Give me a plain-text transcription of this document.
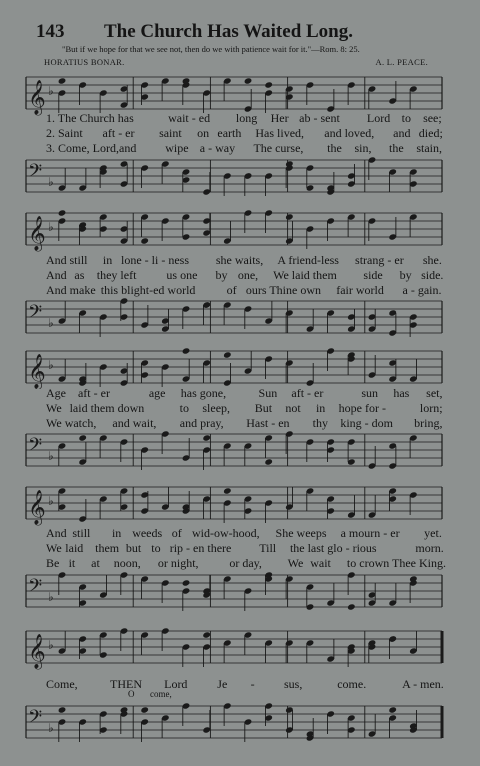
143 The Church Has Waited Long.
"But if we hope for that we see not, then do we with patience wait for it."—Rom. 8: 25.
HORATIUS BONAR.	A. L. PEACE.
𝄞 ♭
1. The Church has	wait - ed long Her ab - sent Lord to see;
2. Saint aft - er saint on earth Has lived, and loved, and died;
3. Come, Lord,and wipe a - way The curse, the sin, the stain,
𝄢 ♭
𝄞 ♭
And still in lone - li - ness she waits, A friend-less strang - er she.
And as they left	us one by one, We laid them side by side.
And make this blight-ed world	of ours Thine own fair world a - gain.
𝄢 ♭
𝄞 ♭
Age aft - er	age has gone,	Sun aft - er	sun has set,
We laid them down	to sleep, But not in hope for -	lorn;
We watch, and wait, and pray, Hast - en thy king - dom bring,
𝄢 ♭
𝄞 ♭
And still in weeds of wid-ow-hood, She weeps a mourn - er yet.
We laid them but to rip - en there Till the last glo - rious	morn.
Be it at noon, or night,	or day, We wait to crown Thee King.
𝄢 ♭
𝄞 ♭
Come,	THEN Lord Je - sus,	come.	A - men.
O come,
𝄢 ♭
